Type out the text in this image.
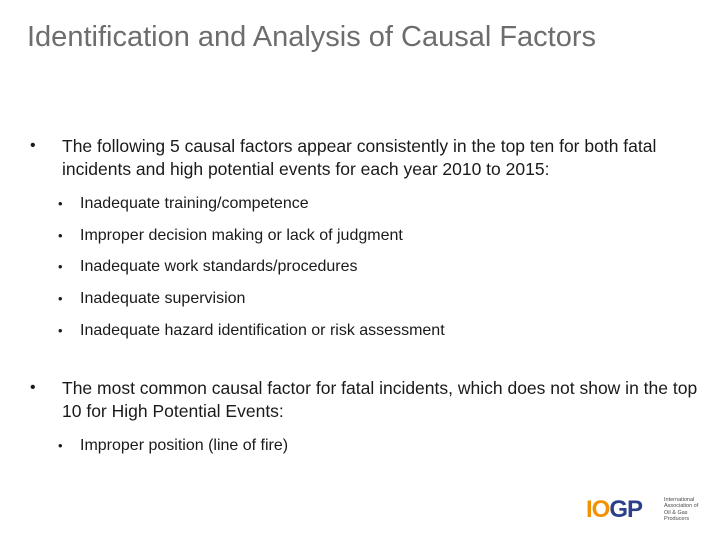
Identification and Analysis of Causal Factors
• The following 5 causal factors appear consistently in the top ten for both fatal incidents and high potential events for each year 2010 to 2015:
• Inadequate training/competence
• Improper decision making or lack of judgment
• Inadequate work standards/procedures
• Inadequate supervision
• Inadequate hazard identification or risk assessment
• The most common causal factor for fatal incidents, which does not show in the top 10 for High Potential Events:
• Improper position (line of fire)
IOGP	International Association of Oil & Gas Producers
